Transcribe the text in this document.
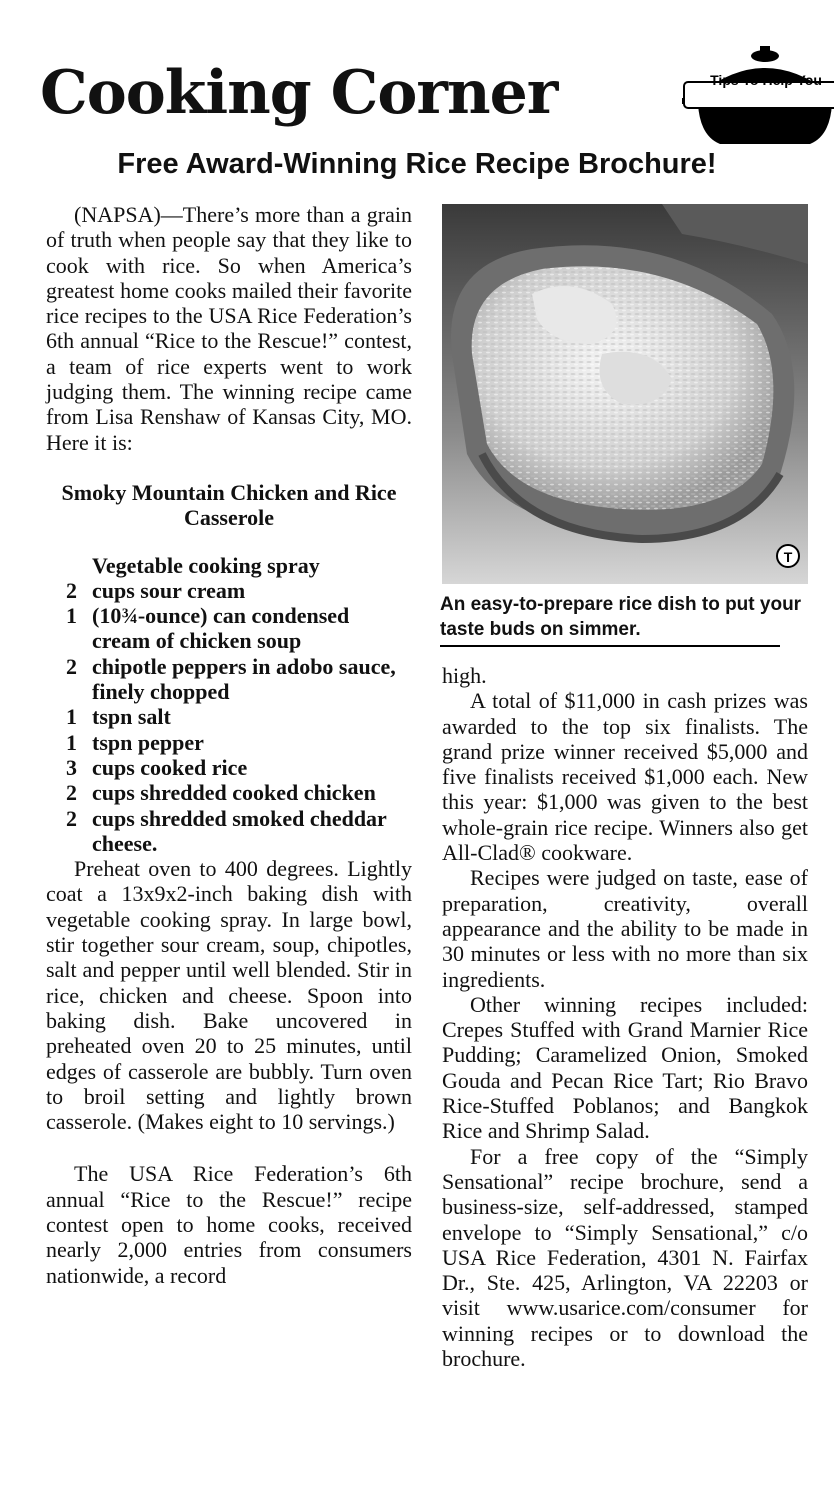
Cooking Corner	Tips To Help You
Free Award-Winning Rice Recipe Brochure!

(NAPSA)—There’s more than a grain of truth when people say that they like to cook with rice. So when America’s greatest home cooks mailed their favorite rice recipes to the USA Rice Federation’s 6th annual “Rice to the Rescue!” contest, a team of rice experts went to work judging them. The winning recipe came from Lisa Renshaw of Kansas City, MO. Here it is:

Smoky Mountain Chicken and Rice Casserole

Vegetable cooking spray
2 cups sour cream
1 (10¾-ounce) can condensed cream of chicken soup
2 chipotle peppers in adobo sauce, finely chopped
1 tspn salt
1 tspn pepper
3 cups cooked rice
2 cups shredded cooked chicken
2 cups shredded smoked cheddar cheese.

Preheat oven to 400 degrees. Lightly coat a 13x9x2-inch baking dish with vegetable cooking spray. In large bowl, stir together sour cream, soup, chipotles, salt and pepper until well blended. Stir in rice, chicken and cheese. Spoon into baking dish. Bake uncovered in preheated oven 20 to 25 minutes, until edges of casserole are bubbly. Turn oven to broil setting and lightly brown casserole. (Makes eight to 10 servings.)

The USA Rice Federation’s 6th annual “Rice to the Rescue!” recipe contest open to home cooks, received nearly 2,000 entries from consumers nationwide, a record

T
An easy-to-prepare rice dish to put your taste buds on simmer.

high.

A total of $11,000 in cash prizes was awarded to the top six finalists. The grand prize winner received $5,000 and five finalists received $1,000 each. New this year: $1,000 was given to the best whole-grain rice recipe. Winners also get All-Clad® cookware.

Recipes were judged on taste, ease of preparation, creativity, overall appearance and the ability to be made in 30 minutes or less with no more than six ingredients.

Other winning recipes included: Crepes Stuffed with Grand Marnier Rice Pudding; Caramelized Onion, Smoked Gouda and Pecan Rice Tart; Rio Bravo Rice-Stuffed Poblanos; and Bangkok Rice and Shrimp Salad.

For a free copy of the “Simply Sensational” recipe brochure, send a business-size, self-addressed, stamped envelope to “Simply Sensational,” c/o USA Rice Federation, 4301 N. Fairfax Dr., Ste. 425, Arlington, VA 22203 or visit www.usarice.com/consumer for winning recipes or to download the brochure.
